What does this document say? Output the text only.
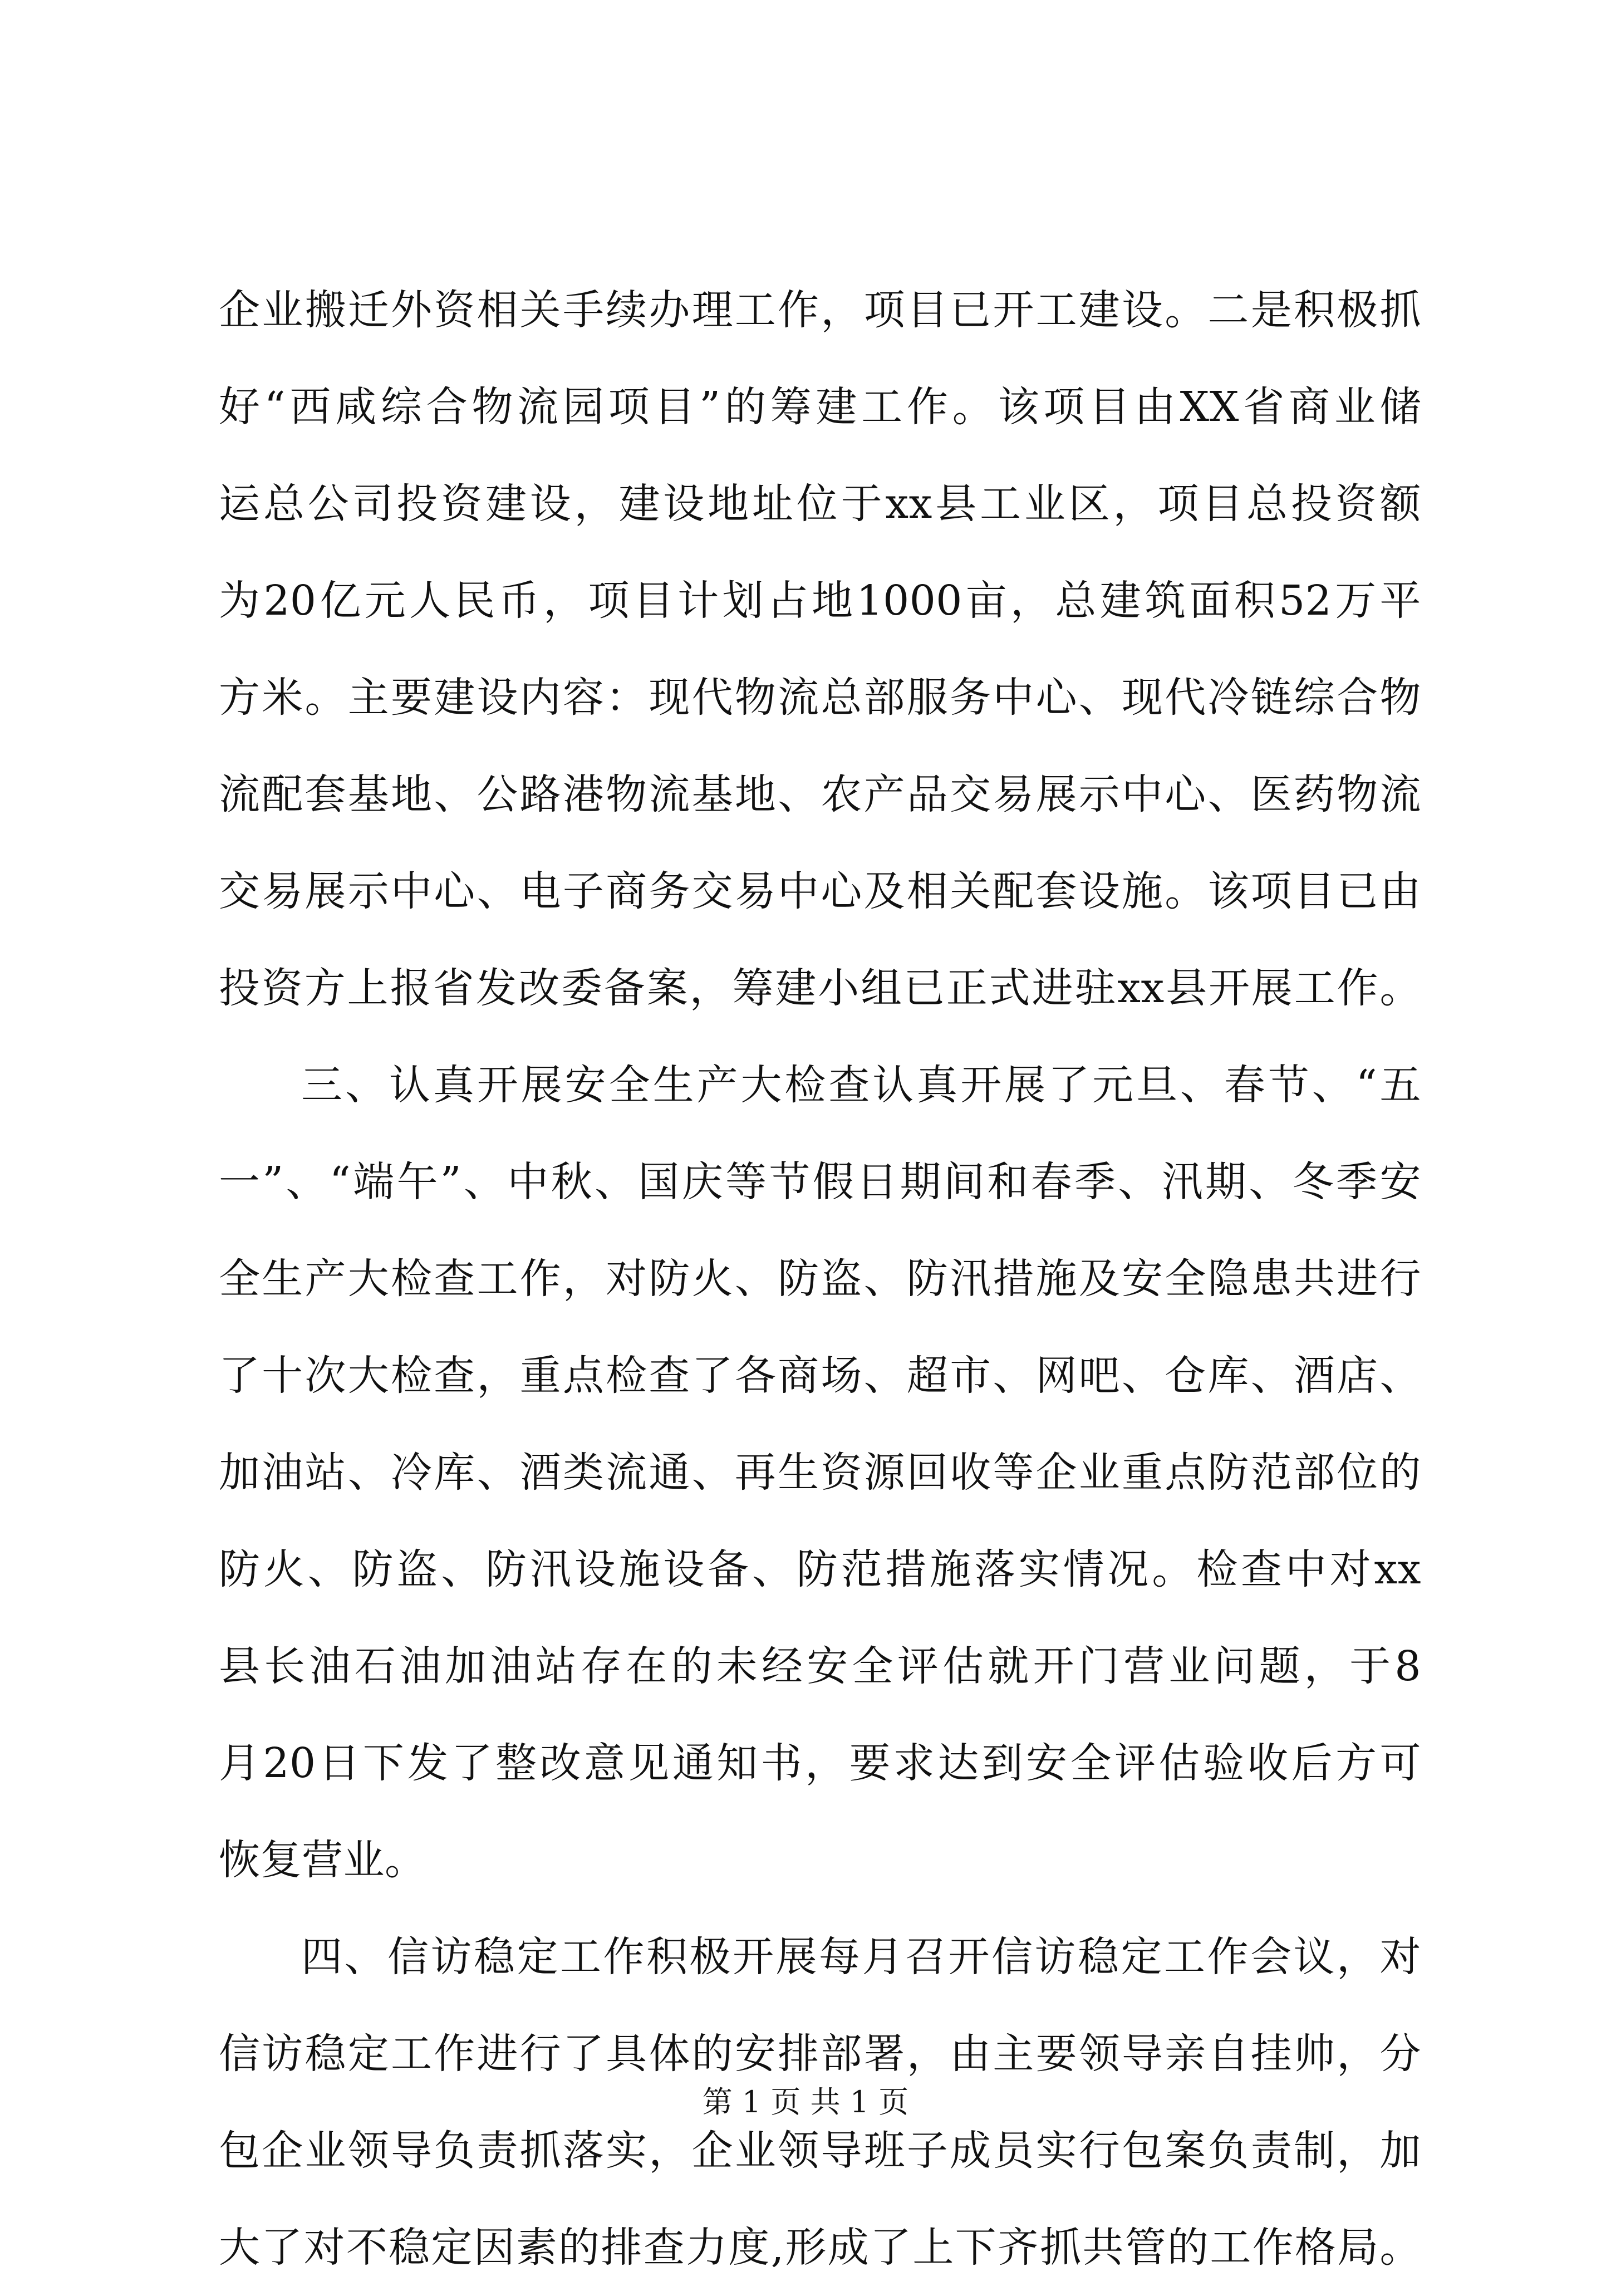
企业搬迁外资相关手续办理工作，项目已开工建设。二是积极抓
好“西咸综合物流园项目”的筹建工作。该项目由XX省商业储
运总公司投资建设，建设地址位于xx县工业区，项目总投资额
为20亿元人民币，项目计划占地1000亩，总建筑面积52万平
方米。主要建设内容：现代物流总部服务中心、现代冷链综合物
流配套基地、公路港物流基地、农产品交易展示中心、医药物流
交易展示中心、电子商务交易中心及相关配套设施。该项目已由
投资方上报省发改委备案，筹建小组已正式进驻xx县开展工作。
三、认真开展安全生产大检查认真开展了元旦、春节、“五
一”、“端午”、中秋、国庆等节假日期间和春季、汛期、冬季安
全生产大检查工作，对防火、防盗、防汛措施及安全隐患共进行
了十次大检查，重点检查了各商场、超市、网吧、仓库、酒店、
加油站、冷库、酒类流通、再生资源回收等企业重点防范部位的
防火、防盗、防汛设施设备、防范措施落实情况。检查中对xx
县长油石油加油站存在的未经安全评估就开门营业问题，于8
月20日下发了整改意见通知书，要求达到安全评估验收后方可
恢复营业。
四、信访稳定工作积极开展每月召开信访稳定工作会议，对
信访稳定工作进行了具体的安排部署，由主要领导亲自挂帅，分
包企业领导负责抓落实，企业领导班子成员实行包案负责制，加
大了对不稳定因素的排查力度,形成了上下齐抓共管的工作格局。
第 1 页 共 1 页
